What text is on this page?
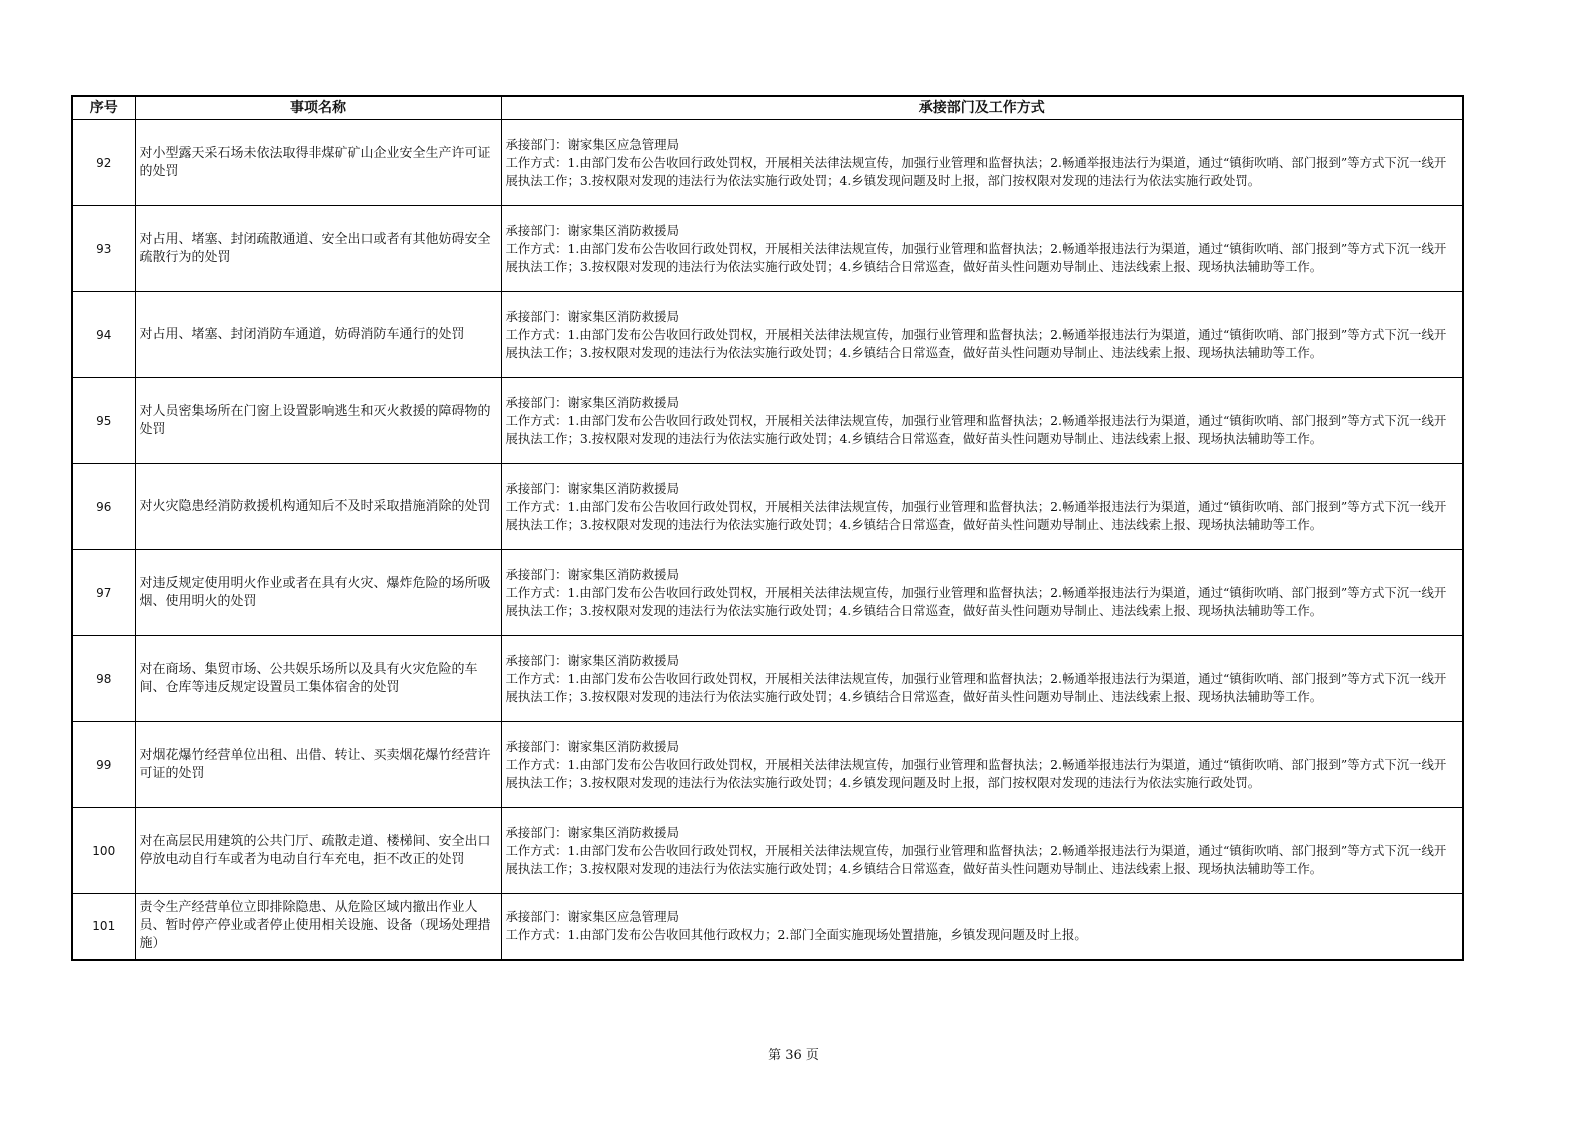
序号	事项名称	承接部门及工作方式
92	对小型露天采石场未依法取得非煤矿矿山企业安全生产许可证的处罚	承接部门：谢家集区应急管理局
工作方式：1.由部门发布公告收回行政处罚权，开展相关法律法规宣传，加强行业管理和监督执法；2.畅通举报违法行为渠道，通过“镇街吹哨、部门报到”等方式下沉一线开展执法工作；3.按权限对发现的违法行为依法实施行政处罚；4.乡镇发现问题及时上报，部门按权限对发现的违法行为依法实施行政处罚。

93	对占用、堵塞、封闭疏散通道、安全出口或者有其他妨碍安全疏散行为的处罚	承接部门：谢家集区消防救援局
工作方式：1.由部门发布公告收回行政处罚权，开展相关法律法规宣传，加强行业管理和监督执法；2.畅通举报违法行为渠道，通过“镇街吹哨、部门报到”等方式下沉一线开展执法工作；3.按权限对发现的违法行为依法实施行政处罚；4.乡镇结合日常巡查，做好苗头性问题劝导制止、违法线索上报、现场执法辅助等工作。

94	对占用、堵塞、封闭消防车通道，妨碍消防车通行的处罚	承接部门：谢家集区消防救援局
工作方式：1.由部门发布公告收回行政处罚权，开展相关法律法规宣传，加强行业管理和监督执法；2.畅通举报违法行为渠道，通过“镇街吹哨、部门报到”等方式下沉一线开展执法工作；3.按权限对发现的违法行为依法实施行政处罚；4.乡镇结合日常巡查，做好苗头性问题劝导制止、违法线索上报、现场执法辅助等工作。

95	对人员密集场所在门窗上设置影响逃生和灭火救援的障碍物的处罚	承接部门：谢家集区消防救援局
工作方式：1.由部门发布公告收回行政处罚权，开展相关法律法规宣传，加强行业管理和监督执法；2.畅通举报违法行为渠道，通过“镇街吹哨、部门报到”等方式下沉一线开展执法工作；3.按权限对发现的违法行为依法实施行政处罚；4.乡镇结合日常巡查，做好苗头性问题劝导制止、违法线索上报、现场执法辅助等工作。

96	对火灾隐患经消防救援机构通知后不及时采取措施消除的处罚	承接部门：谢家集区消防救援局
工作方式：1.由部门发布公告收回行政处罚权，开展相关法律法规宣传，加强行业管理和监督执法；2.畅通举报违法行为渠道，通过“镇街吹哨、部门报到”等方式下沉一线开展执法工作；3.按权限对发现的违法行为依法实施行政处罚；4.乡镇结合日常巡查，做好苗头性问题劝导制止、违法线索上报、现场执法辅助等工作。

97	对违反规定使用明火作业或者在具有火灾、爆炸危险的场所吸烟、使用明火的处罚	承接部门：谢家集区消防救援局
工作方式：1.由部门发布公告收回行政处罚权，开展相关法律法规宣传，加强行业管理和监督执法；2.畅通举报违法行为渠道，通过“镇街吹哨、部门报到”等方式下沉一线开展执法工作；3.按权限对发现的违法行为依法实施行政处罚；4.乡镇结合日常巡查，做好苗头性问题劝导制止、违法线索上报、现场执法辅助等工作。

98	对在商场、集贸市场、公共娱乐场所以及具有火灾危险的车间、仓库等违反规定设置员工集体宿舍的处罚	承接部门：谢家集区消防救援局
工作方式：1.由部门发布公告收回行政处罚权，开展相关法律法规宣传，加强行业管理和监督执法；2.畅通举报违法行为渠道，通过“镇街吹哨、部门报到”等方式下沉一线开展执法工作；3.按权限对发现的违法行为依法实施行政处罚；4.乡镇结合日常巡查，做好苗头性问题劝导制止、违法线索上报、现场执法辅助等工作。

99	对烟花爆竹经营单位出租、出借、转让、买卖烟花爆竹经营许可证的处罚	承接部门：谢家集区消防救援局
工作方式：1.由部门发布公告收回行政处罚权，开展相关法律法规宣传，加强行业管理和监督执法；2.畅通举报违法行为渠道，通过“镇街吹哨、部门报到”等方式下沉一线开展执法工作；3.按权限对发现的违法行为依法实施行政处罚；4.乡镇发现问题及时上报，部门按权限对发现的违法行为依法实施行政处罚。

100	对在高层民用建筑的公共门厅、疏散走道、楼梯间、安全出口停放电动自行车或者为电动自行车充电，拒不改正的处罚	承接部门：谢家集区消防救援局
工作方式：1.由部门发布公告收回行政处罚权，开展相关法律法规宣传，加强行业管理和监督执法；2.畅通举报违法行为渠道，通过“镇街吹哨、部门报到”等方式下沉一线开展执法工作；3.按权限对发现的违法行为依法实施行政处罚；4.乡镇结合日常巡查，做好苗头性问题劝导制止、违法线索上报、现场执法辅助等工作。

101	责令生产经营单位立即排除隐患、从危险区域内撤出作业人员、暂时停产停业或者停止使用相关设施、设备（现场处理措施）	承接部门：谢家集区应急管理局
工作方式：1.由部门发布公告收回其他行政权力；2.部门全面实施现场处置措施，乡镇发现问题及时上报。
第 36 页
